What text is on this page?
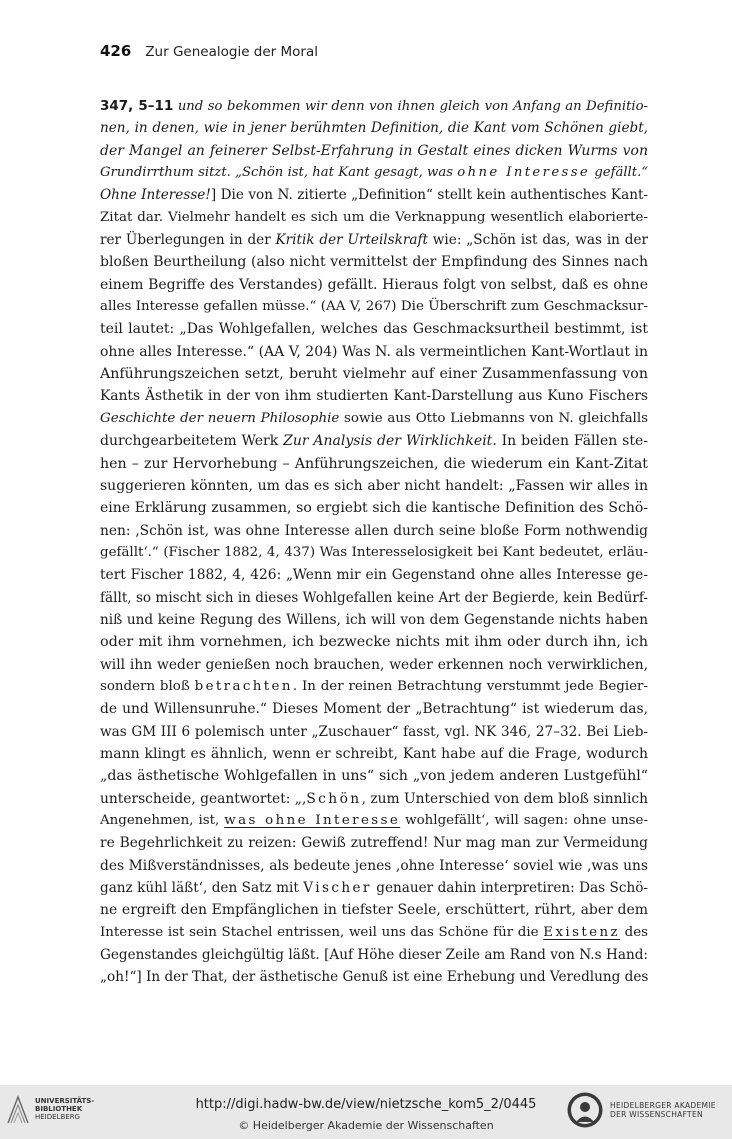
426 Zur Genealogie der Moral
347, 5–11 und so bekommen wir denn von ihnen gleich von Anfang an Definitio-
nen, in denen, wie in jener berühmten Definition, die Kant vom Schönen giebt,
der Mangel an feinerer Selbst-Erfahrung in Gestalt eines dicken Wurms von
Grundirrthum sitzt. „Schön ist, hat Kant gesagt, was ohne Interesse gefällt.“
Ohne Interesse!] Die von N. zitierte „Definition“ stellt kein authentisches Kant-
Zitat dar. Vielmehr handelt es sich um die Verknappung wesentlich elaboriertе-
rer Überlegungen in der Kritik der Urteilskraft wie: „Schön ist das, was in der
bloßen Beurtheilung (also nicht vermittelst der Empfindung des Sinnes nach
einem Begriffe des Verstandes) gefällt. Hieraus folgt von selbst, daß es ohne
alles Interesse gefallen müsse.“ (AA V, 267) Die Überschrift zum Geschmacksur-
teil lautet: „Das Wohlgefallen, welches das Geschmacksurtheil bestimmt, ist
ohne alles Interesse.“ (AA V, 204) Was N. als vermeintlichen Kant-Wortlaut in
Anführungszeichen setzt, beruht vielmehr auf einer Zusammenfassung von
Kants Ästhetik in der von ihm studierten Kant-Darstellung aus Kuno Fischers
Geschichte der neuern Philosophie sowie aus Otto Liebmanns von N. gleichfalls
durchgearbeitetem Werk Zur Analysis der Wirklichkeit. In beiden Fällen ste-
hen – zur Hervorhebung – Anführungszeichen, die wiederum ein Kant-Zitat
suggerieren könnten, um das es sich aber nicht handelt: „Fassen wir alles in
eine Erklärung zusammen, so ergiebt sich die kantische Definition des Schö-
nen: ‚Schön ist, was ohne Interesse allen durch seine bloße Form nothwendig
gefällt‘.“ (Fischer 1882, 4, 437) Was Interesselosigkeit bei Kant bedeutet, erläu-
tert Fischer 1882, 4, 426: „Wenn mir ein Gegenstand ohne alles Interesse ge-
fällt, so mischt sich in dieses Wohlgefallen keine Art der Begierde, kein Bedürf-
niß und keine Regung des Willens, ich will von dem Gegenstande nichts haben
oder mit ihm vornehmen, ich bezwecke nichts mit ihm oder durch ihn, ich
will ihn weder genießen noch brauchen, weder erkennen noch verwirklichen,
sondern bloß betrachten. In der reinen Betrachtung verstummt jede Begier-
de und Willensunruhe.“ Dieses Moment der „Betrachtung“ ist wiederum das,
was GM III 6 polemisch unter „Zuschauer“ fasst, vgl. NK 346, 27–32. Bei Lieb-
mann klingt es ähnlich, wenn er schreibt, Kant habe auf die Frage, wodurch
„das ästhetische Wohlgefallen in uns“ sich „von jedem anderen Lustgefühl“
unterscheide, geantwortet: „‚Schön, zum Unterschied von dem bloß sinnlich
Angenehmen, ist, was ohne Interesse wohlgefällt‘, will sagen: ohne unse-
re Begehrlichkeit zu reizen: Gewiß zutreffend! Nur mag man zur Vermeidung
des Mißverständnisses, als bedeute jenes ‚ohne Interesse‘ soviel wie ‚was uns
ganz kühl läßt‘, den Satz mit Vischer genauer dahin interpretiren: Das Schö-
ne ergreift den Empfänglichen in tiefster Seele, erschüttert, rührt, aber dem
Interesse ist sein Stachel entrissen, weil uns das Schöne für die Existenz des
Gegenstandes gleichgültig läßt. [Auf Höhe dieser Zeile am Rand von N.s Hand:
„oh!“] In der That, der ästhetische Genuß ist eine Erhebung und Veredlung des
UNIVERSITÄTS-
BIBLIOTHEK
HEIDELBERG
http://digi.hadw-bw.de/view/nietzsche_kom5_2/0445
© Heidelberger Akademie der Wissenschaften
HEIDELBERGER AKADEMIE
DER WISSENSCHAFTEN
